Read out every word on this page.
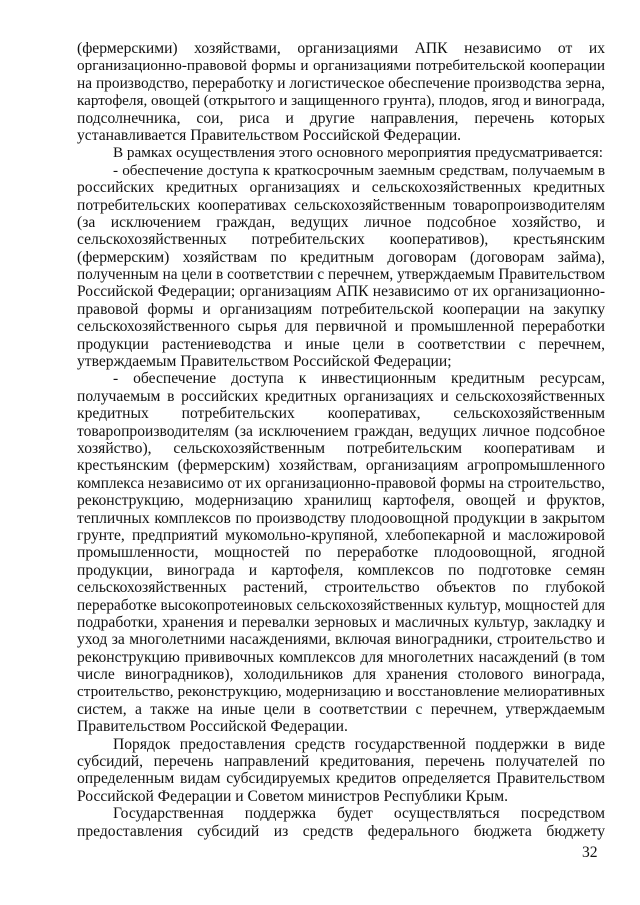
(фермерскими) хозяйствами, организациями АПК независимо от их
организационно-правовой формы и организациями потребительской кооперации
на производство, переработку и логистическое обеспечение производства зерна,
картофеля, овощей (открытого и защищенного грунта), плодов, ягод и винограда,
подсолнечника, сои, риса и другие направления, перечень которых
устанавливается Правительством Российской Федерации.
В рамках осуществления этого основного мероприятия предусматривается:
- обеспечение доступа к краткосрочным заемным средствам, получаемым в
российских кредитных организациях и сельскохозяйственных кредитных
потребительских кооперативах сельскохозяйственным товаропроизводителям
(за исключением граждан, ведущих личное подсобное хозяйство, и
сельскохозяйственных потребительских кооперативов), крестьянским
(фермерским) хозяйствам по кредитным договорам (договорам займа),
полученным на цели в соответствии с перечнем, утверждаемым Правительством
Российской Федерации; организациям АПК независимо от их организационно-
правовой формы и организациям потребительской кооперации на закупку
сельскохозяйственного сырья для первичной и промышленной переработки
продукции растениеводства и иные цели в соответствии с перечнем,
утверждаемым Правительством Российской Федерации;
- обеспечение доступа к инвестиционным кредитным ресурсам,
получаемым в российских кредитных организациях и сельскохозяйственных
кредитных потребительских кооперативах, сельскохозяйственным
товаропроизводителям (за исключением граждан, ведущих личное подсобное
хозяйство), сельскохозяйственным потребительским кооперативам и
крестьянским (фермерским) хозяйствам, организациям агропромышленного
комплекса независимо от их организационно-правовой формы на строительство,
реконструкцию, модернизацию хранилищ картофеля, овощей и фруктов,
тепличных комплексов по производству плодоовощной продукции в закрытом
грунте, предприятий мукомольно-крупяной, хлебопекарной и масложировой
промышленности, мощностей по переработке плодоовощной, ягодной
продукции, винограда и картофеля, комплексов по подготовке семян
сельскохозяйственных растений, строительство объектов по глубокой
переработке высокопротеиновых сельскохозяйственных культур, мощностей для
подработки, хранения и перевалки зерновых и масличных культур, закладку и
уход за многолетними насаждениями, включая виноградники, строительство и
реконструкцию прививочных комплексов для многолетних насаждений (в том
числе виноградников), холодильников для хранения столового винограда,
строительство, реконструкцию, модернизацию и восстановление мелиоративных
систем, а также на иные цели в соответствии с перечнем, утверждаемым
Правительством Российской Федерации.
Порядок предоставления средств государственной поддержки в виде
субсидий, перечень направлений кредитования, перечень получателей по
определенным видам субсидируемых кредитов определяется Правительством
Российской Федерации и Советом министров Республики Крым.
Государственная поддержка будет осуществляться посредством
предоставления субсидий из средств федерального бюджета бюджету
32
